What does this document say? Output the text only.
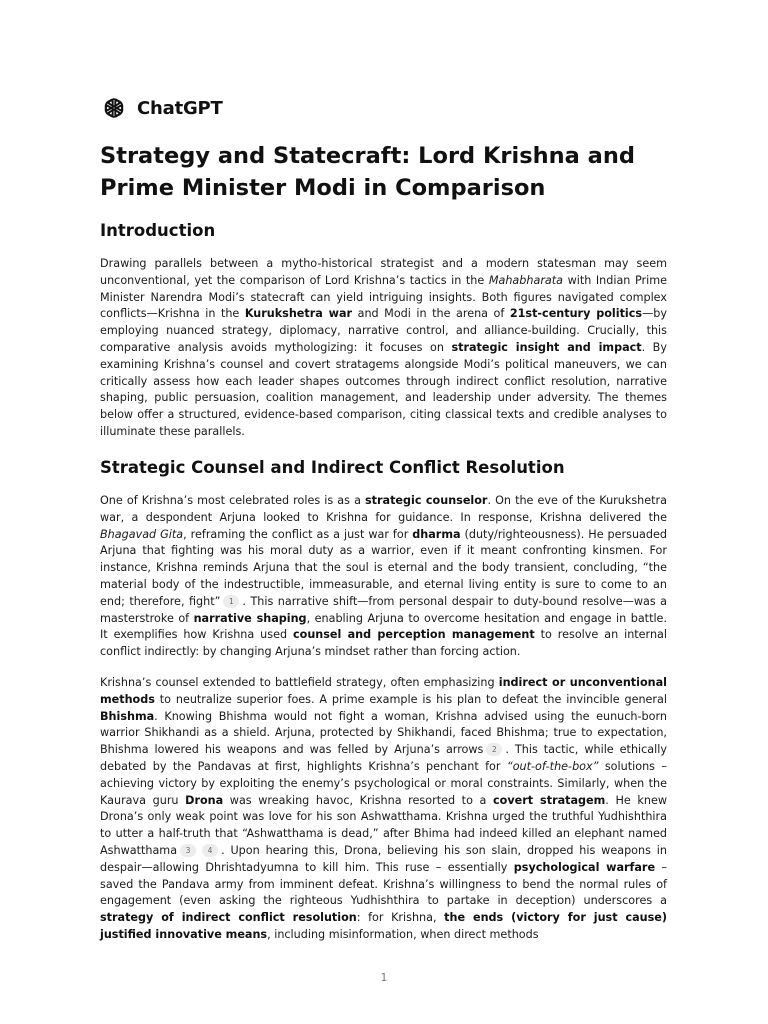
ChatGPT
Strategy and Statecraft: Lord Krishna and Prime Minister Modi in Comparison
Introduction

Drawing parallels between a mytho-historical strategist and a modern statesman may seem unconventional, yet the comparison of Lord Krishna’s tactics in the Mahabharata with Indian Prime Minister Narendra Modi’s statecraft can yield intriguing insights. Both figures navigated complex conflicts—Krishna in the Kurukshetra war and Modi in the arena of 21st-century politics—by employing nuanced strategy, diplomacy, narrative control, and alliance-building. Crucially, this comparative analysis avoids mythologizing: it focuses on strategic insight and impact. By examining Krishna’s counsel and covert stratagems alongside Modi’s political maneuvers, we can critically assess how each leader shapes outcomes through indirect conflict resolution, narrative shaping, public persuasion, coalition management, and leadership under adversity. The themes below offer a structured, evidence-based comparison, citing classical texts and credible analyses to illuminate these parallels.

Strategic Counsel and Indirect Conflict Resolution

One of Krishna’s most celebrated roles is as a strategic counselor. On the eve of the Kurukshetra war, a despondent Arjuna looked to Krishna for guidance. In response, Krishna delivered the Bhagavad Gita, reframing the conflict as a just war for dharma (duty/righteousness). He persuaded Arjuna that fighting was his moral duty as a warrior, even if it meant confronting kinsmen. For instance, Krishna reminds Arjuna that the soul is eternal and the body transient, concluding, “the material body of the indestructible, immeasurable, and eternal living entity is sure to come to an end; therefore, fight” 1 . This narrative shift—from personal despair to duty-bound resolve—was a masterstroke of narrative shaping, enabling Arjuna to overcome hesitation and engage in battle. It exemplifies how Krishna used counsel and perception management to resolve an internal conflict indirectly: by changing Arjuna’s mindset rather than forcing action.

Krishna’s counsel extended to battlefield strategy, often emphasizing indirect or unconventional methods to neutralize superior foes. A prime example is his plan to defeat the invincible general Bhishma. Knowing Bhishma would not fight a woman, Krishna advised using the eunuch-born warrior Shikhandi as a shield. Arjuna, protected by Shikhandi, faced Bhishma; true to expectation, Bhishma lowered his weapons and was felled by Arjuna’s arrows 2 . This tactic, while ethically debated by the Pandavas at first, highlights Krishna’s penchant for “out-of-the-box” solutions – achieving victory by exploiting the enemy’s psychological or moral constraints. Similarly, when the Kaurava guru Drona was wreaking havoc, Krishna resorted to a covert stratagem. He knew Drona’s only weak point was love for his son Ashwatthama. Krishna urged the truthful Yudhishthira to utter a half-truth that “Ashwatthama is dead,” after Bhima had indeed killed an elephant named Ashwatthama 3 4 . Upon hearing this, Drona, believing his son slain, dropped his weapons in despair—allowing Dhrishtadyumna to kill him. This ruse – essentially psychological warfare – saved the Pandava army from imminent defeat. Krishna’s willingness to bend the normal rules of engagement (even asking the righteous Yudhishthira to partake in deception) underscores a strategy of indirect conflict resolution: for Krishna, the ends (victory for just cause) justified innovative means, including misinformation, when direct methods

1
